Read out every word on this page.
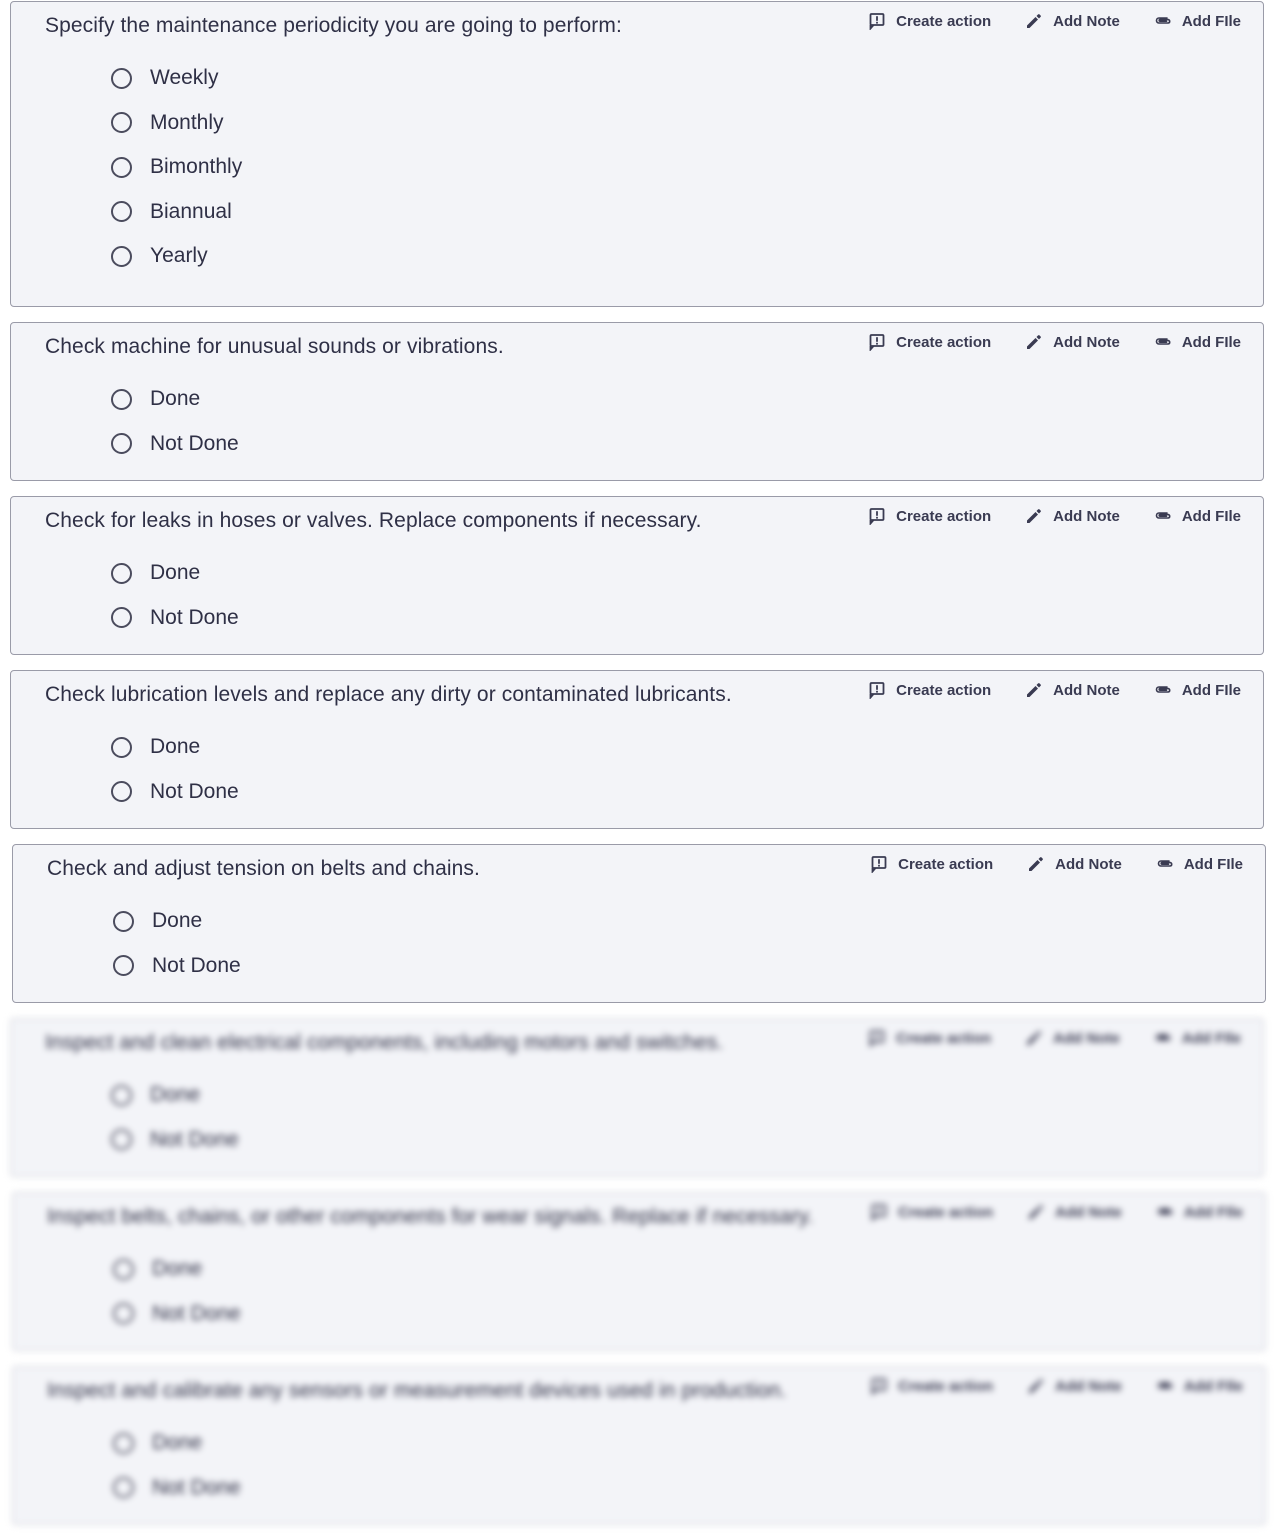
Specify the maintenance periodicity you are going to perform:
Weekly
Monthly
Bimonthly
Biannual
Yearly
Create action	Add Note	Add FIle
Check machine for unusual sounds or vibrations.
Done
Not Done
Create action	Add Note	Add FIle
Check for leaks in hoses or valves. Replace components if necessary.
Done
Not Done
Create action	Add Note	Add FIle
Check lubrication levels and replace any dirty or contaminated lubricants.
Done
Not Done
Create action	Add Note	Add FIle
Check and adjust tension on belts and chains.
Done
Not Done
Create action	Add Note	Add FIle
Inspect and clean electrical components, including motors and switches.
Done
Not Done
Create action	Add Note	Add FIle
Inspect belts, chains, or other components for wear signals. Replace if necessary.
Done
Not Done
Create action	Add Note	Add FIle
Inspect and calibrate any sensors or measurement devices used in production.
Done
Not Done
Create action	Add Note	Add FIle
